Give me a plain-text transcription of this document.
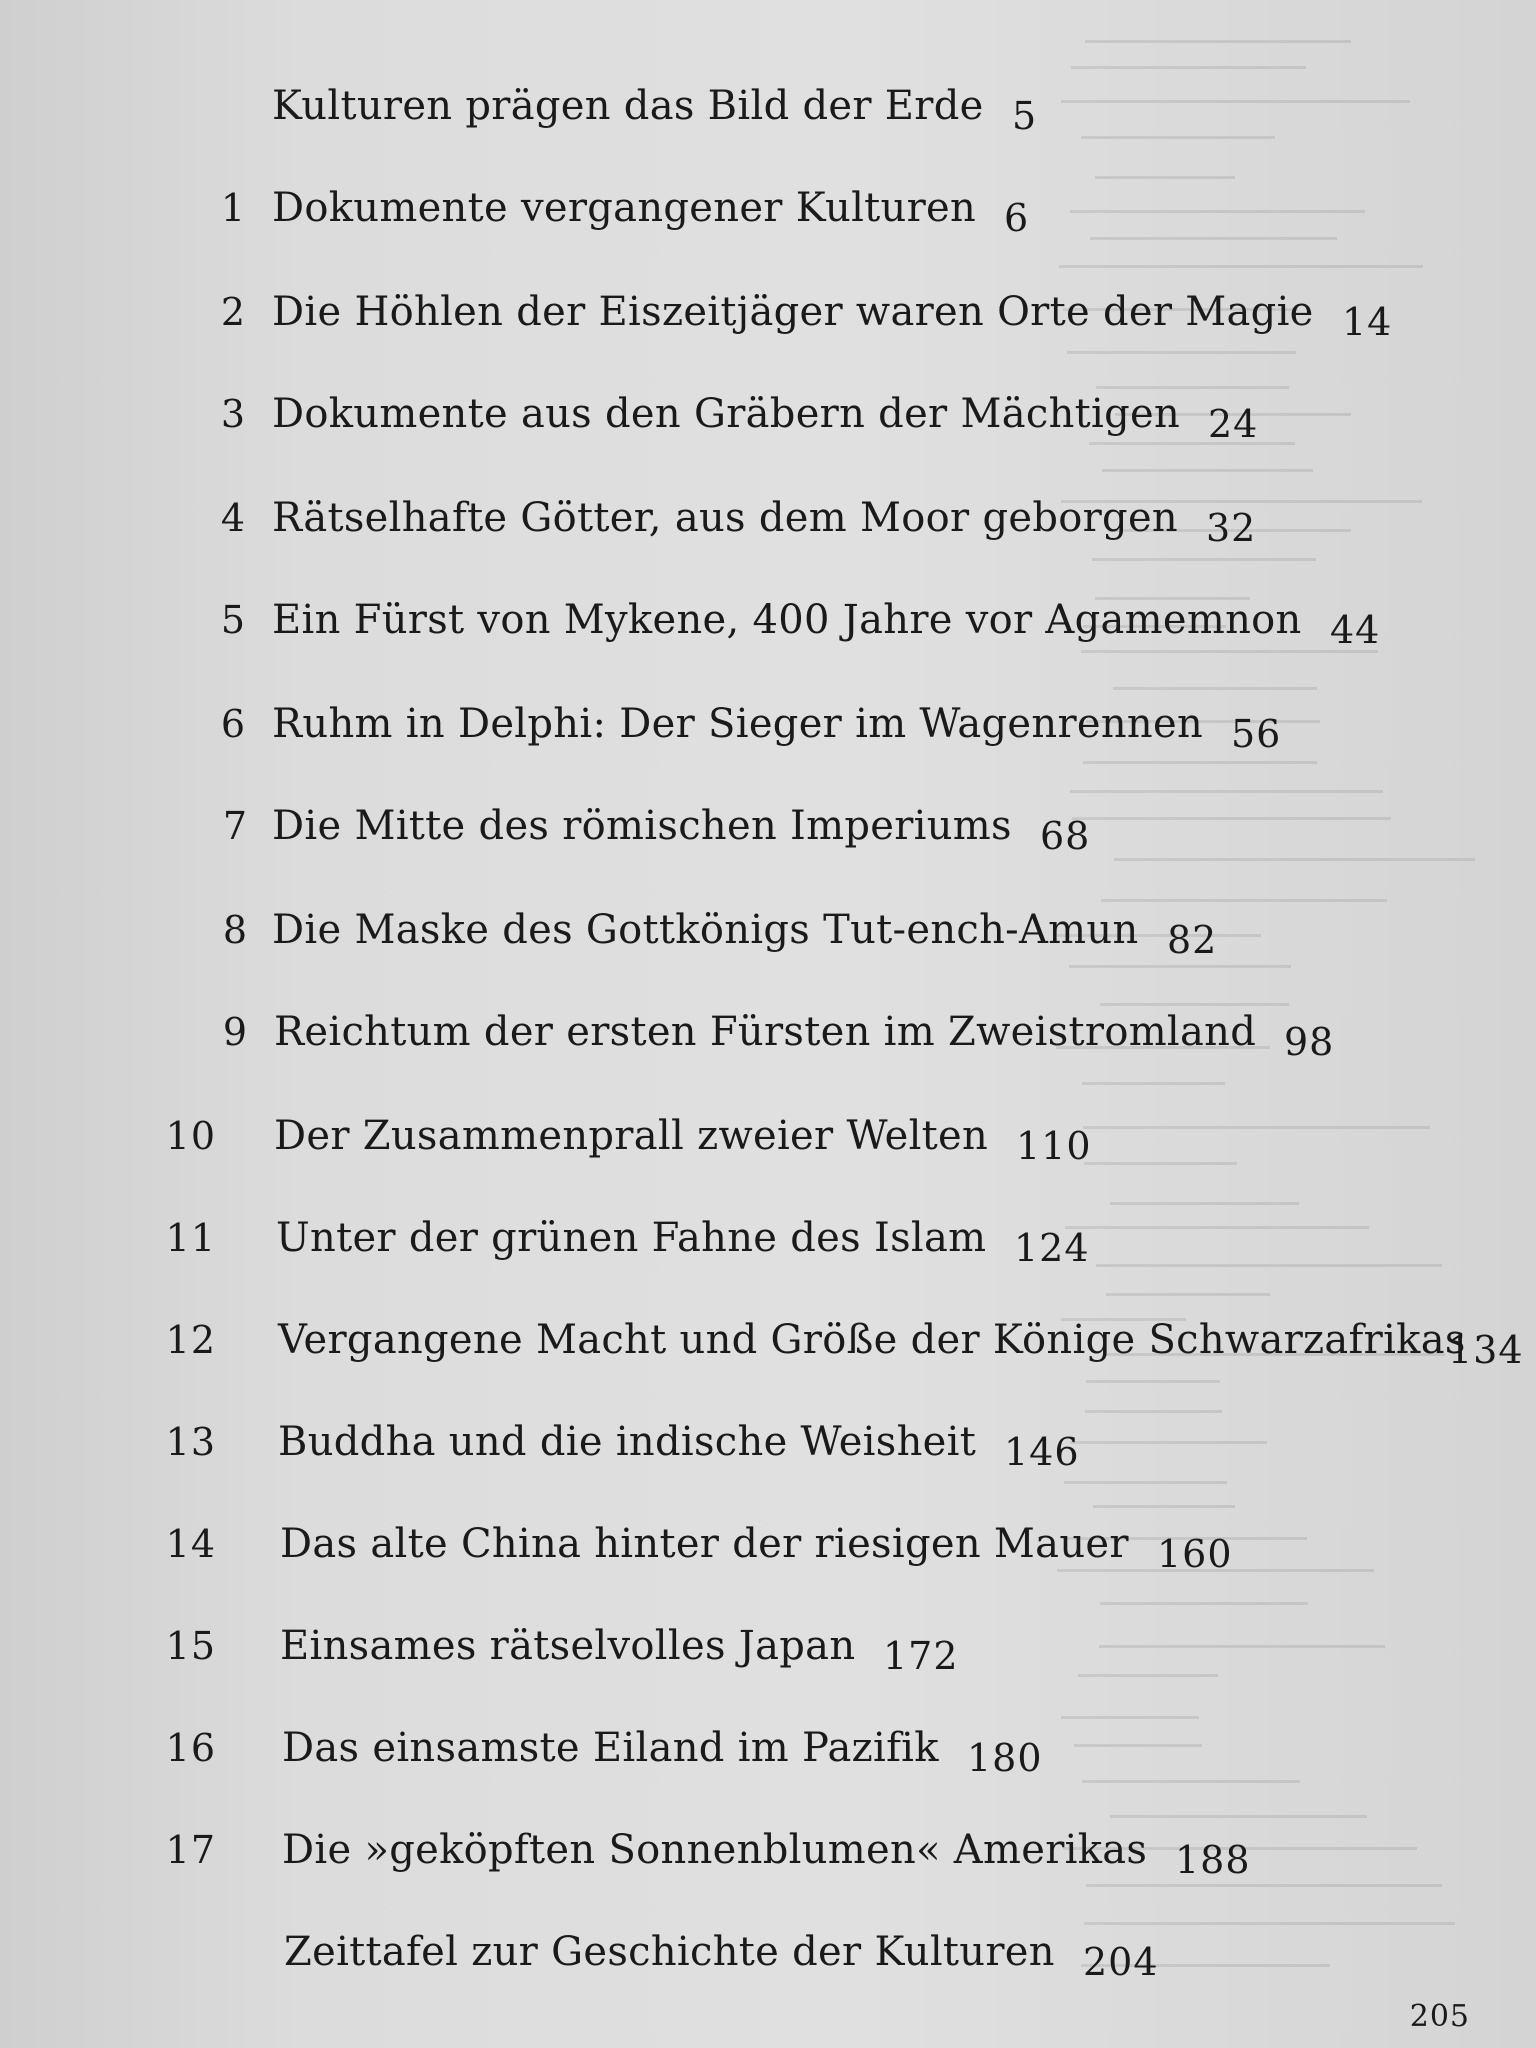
Kulturen prägen das Bild der Erde 5
1 Dokumente vergangener Kulturen 6
2 Die Höhlen der Eiszeitjäger waren Orte der Magie 14
3 Dokumente aus den Gräbern der Mächtigen 24
4 Rätselhafte Götter, aus dem Moor geborgen 32
5 Ein Fürst von Mykene, 400 Jahre vor Agamemnon 44
6 Ruhm in Delphi: Der Sieger im Wagenrennen 56
7 Die Mitte des römischen Imperiums 68
8 Die Maske des Gottkönigs Tut-ench-Amun 82
9 Reichtum der ersten Fürsten im Zweistromland 98
10 Der Zusammenprall zweier Welten 110
11 Unter der grünen Fahne des Islam 124
12 Vergangene Macht und Größe der Könige Schwarzafrikas
134
13 Buddha und die indische Weisheit 146
14 Das alte China hinter der riesigen Mauer 160
15 Einsames rätselvolles Japan 172
16 Das einsamste Eiland im Pazifik 180
17 Die »geköpften Sonnenblumen« Amerikas 188
Zeittafel zur Geschichte der Kulturen 204
205
